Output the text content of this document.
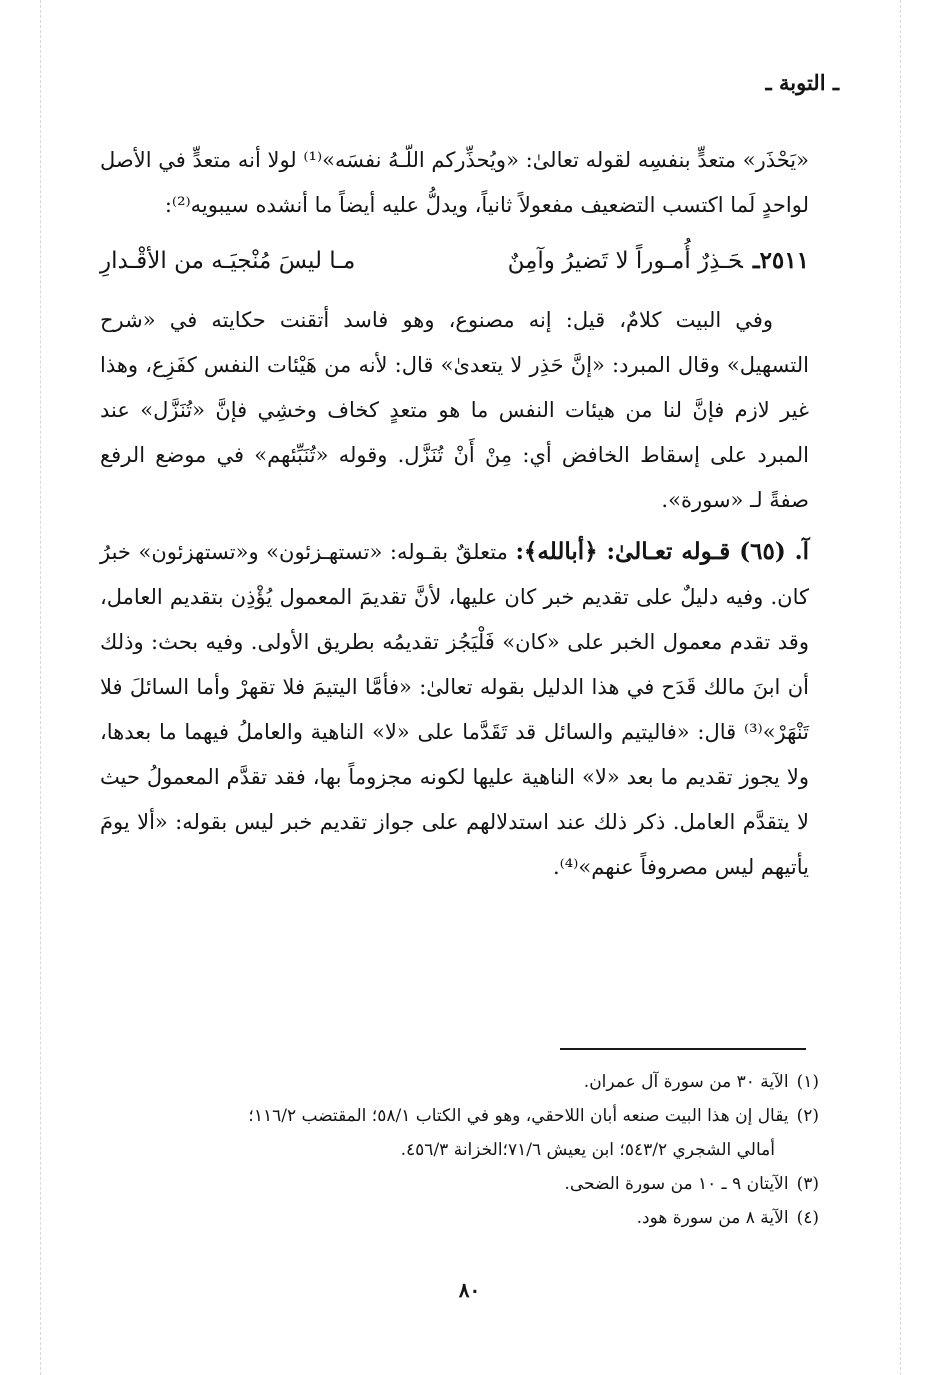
ـ التوبة ـ

«يَحْذَر» متعدٍّ بنفسِه لقوله تعالىٰ: «ويُحذِّركم اللّـهُ نفسَه»⁽¹⁾ لولا أنه متعدٍّ في الأصل لواحدٍ لَما اكتسب التضعيف مفعولاً ثانياً، ويدلُّ عليه أيضاً ما أنشده سيبويه⁽²⁾:

٢٥١١ـحَـذِرٌ أُمـوراً لا تَضيرُ وآمِنٌ
مـا ليسَ مُنْجيَـه من الأقْـدارِ

وفي البيت كلامٌ، قيل: إنه مصنوع، وهو فاسد أتقنت حكايته في «شرح التسهيل» وقال المبرد: «إنَّ حَذِر لا يتعدىٰ» قال: لأنه من هَيْئات النفس كفَزِع، وهذا غير لازم فإنَّ لنا من هيئات النفس ما هو متعدٍ كخاف وخشِي فإنَّ «تُنَزَّل» عند المبرد على إسقاط الخافض أي: مِنْ أَنْ تُنَزَّل. وقوله «تُنَبِّئهم» في موضع الرفع صفةً لـ «سورة».

آ. (٦٥) قـوله تعـالىٰ: ﴿أبالله﴾: متعلقٌ بقـوله: «تستهـزئون» و«تستهزئون» خبرُ كان. وفيه دليلٌ على تقديم خبر كان عليها، لأنَّ تقديمَ المعمول يُؤْذِن بتقديم العامل، وقد تقدم معمول الخبر على «كان» فَلْيَجُز تقديمُه بطريق الأولى. وفيه بحث: وذلك أن ابنَ مالك قَدَح في هذا الدليل بقوله تعالىٰ: «فأمَّا اليتيمَ فلا تقهرْ وأما السائلَ فلا تَنْهَرْ»⁽³⁾ قال: «فاليتيم والسائل قد تَقَدَّما على «لا» الناهية والعاملُ فيهما ما بعدها، ولا يجوز تقديم ما بعد «لا» الناهية عليها لكونه مجزوماً بها، فقد تقدَّم المعمولُ حيث لا يتقدَّم العامل. ذكر ذلك عند استدلالهم على جواز تقديم خبر ليس بقوله: «ألا يومَ يأتيهم ليس مصروفاً عنهم»⁽⁴⁾.

(١)الآية ٣٠ من سورة آل عمران.
(٢)يقال إن هذا البيت صنعه أبان اللاحقي، وهو في الكتاب ٥٨/١؛ المقتضب ١١٦/٢؛
أمالي الشجري ٥٤٣/٢؛ ابن يعيش ٧١/٦؛الخزانة ٤٥٦/٣.
(٣)الآيتان ٩ ـ ١٠ من سورة الضحى.
(٤)الآية ٨ من سورة هود.
٨٠
